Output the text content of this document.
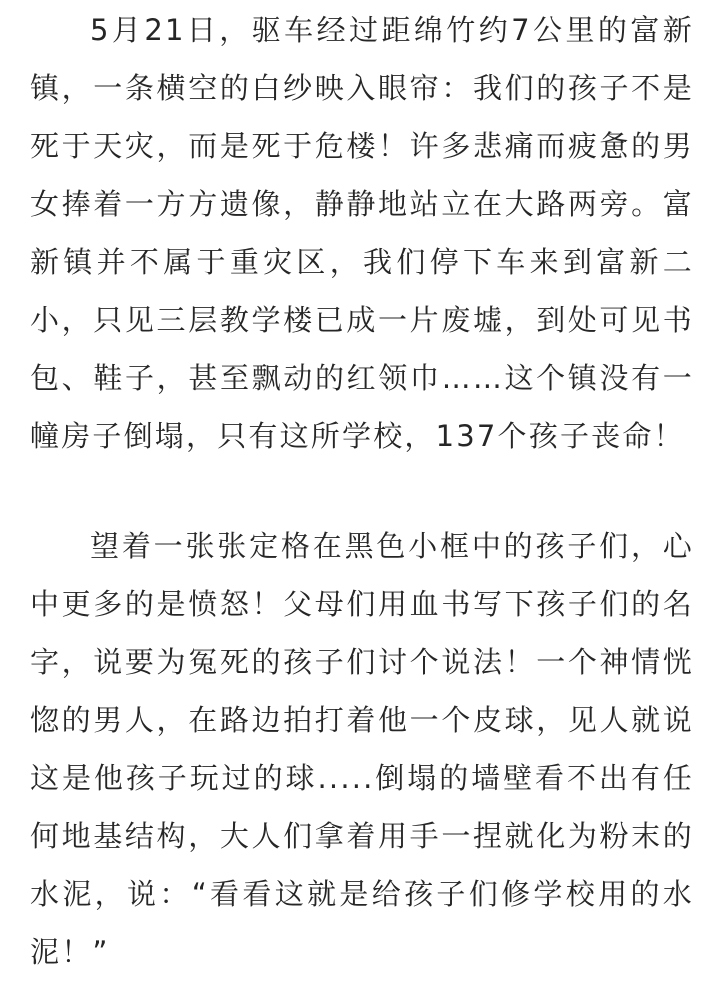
5月21日，驱车经过距绵竹约7公里的富新镇，一条横空的白纱映入眼帘：我们的孩子不是死于天灾，而是死于危楼！许多悲痛而疲惫的男女捧着一方方遗像，静静地站立在大路两旁。富新镇并不属于重灾区，我们停下车来到富新二小，只见三层教学楼已成一片废墟，到处可见书包、鞋子，甚至飘动的红领巾……这个镇没有一幢房子倒塌，只有这所学校，137个孩子丧命！

望着一张张定格在黑色小框中的孩子们，心中更多的是愤怒！父母们用血书写下孩子们的名字，说要为冤死的孩子们讨个说法！一个神情恍惚的男人，在路边拍打着他一个皮球，见人就说这是他孩子玩过的球.....倒塌的墙壁看不出有任何地基结构，大人们拿着用手一捏就化为粉末的水泥，说：“看看这就是给孩子们修学校用的水泥！”
